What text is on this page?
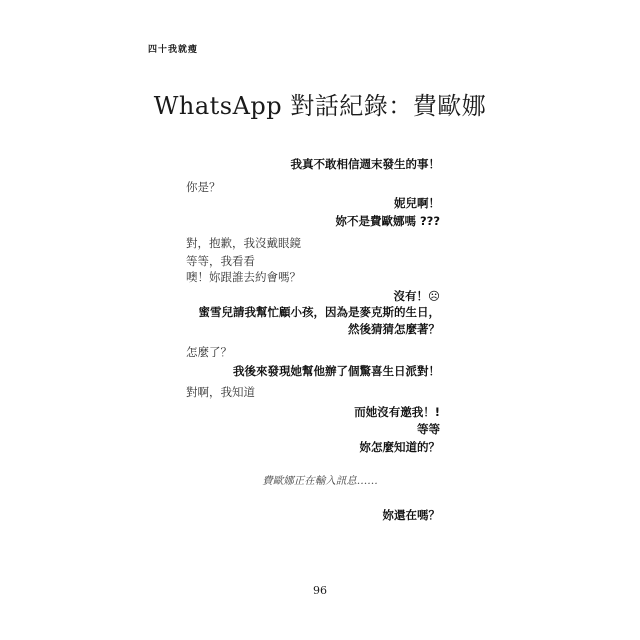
四十我就瘦
WhatsApp 對話紀錄：費歐娜
我真不敢相信週末發生的事！
你是？
妮兒啊！
妳不是費歐娜嗎 ???
對，抱歉，我沒戴眼鏡
等等，我看看
噢！妳跟誰去約會嗎？
沒有！☹
蜜雪兒請我幫忙顧小孩，因為是麥克斯的生日，
然後猜猜怎麼著？
怎麼了？
我後來發現她幫他辦了個驚喜生日派對！
對啊，我知道
而她沒有邀我！!
等等
妳怎麼知道的？
費歐娜正在輸入訊息……
妳還在嗎？
96
